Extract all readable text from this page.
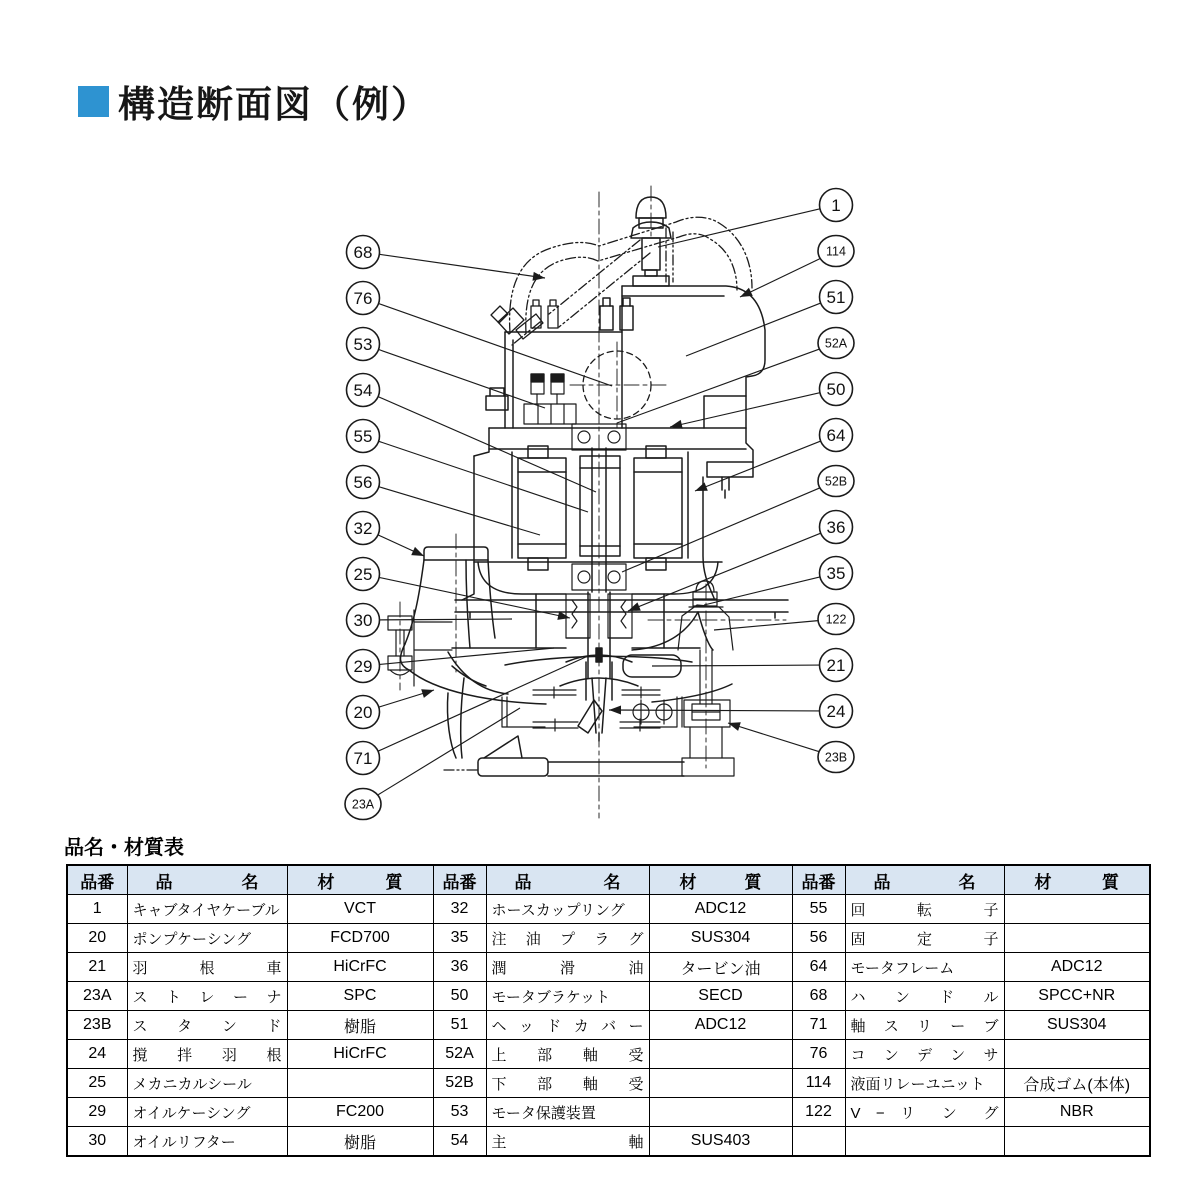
構造断面図（例）
68
76
53
54
55
56
32
25
30
29
20
71
23A
1
114
51
52A
50
64
52B
36
35
122
21
24
23B
品名・材質表
品番	品 名	材 質	品番	品 名	材 質	品番	品 名	材 質
1	キャブタイヤケーブル	VCT	32	ホースカップリング	ADC12	55	回 転 子	
20	ポンプケーシング	FCD700	35	注 油 プ ラ グ	SUS304	56	固 定 子	
21	羽 根 車	HiCrFC	36	潤 滑 油	タービン油	64	モータフレーム	ADC12
23A	ス ト レ ー ナ	SPC	50	モータブラケット	SECD	68	ハ ン ド ル	SPCC+NR
23B	ス タ ン ド	樹脂	51	ヘ ッ ド カ バ ー	ADC12	71	軸 ス リ ー ブ	SUS304
24	撹 拌 羽 根	HiCrFC	52A	上 部 軸 受		76	コ ン デ ン サ	
25	メカニカルシール		52B	下 部 軸 受		114	液面リレーユニット	合成ゴム(本体)
29	オイルケーシング	FC200	53	モータ保護装置		122	V − リ ン グ	NBR
30	オイルリフター	樹脂	54	主 軸	SUS403			
